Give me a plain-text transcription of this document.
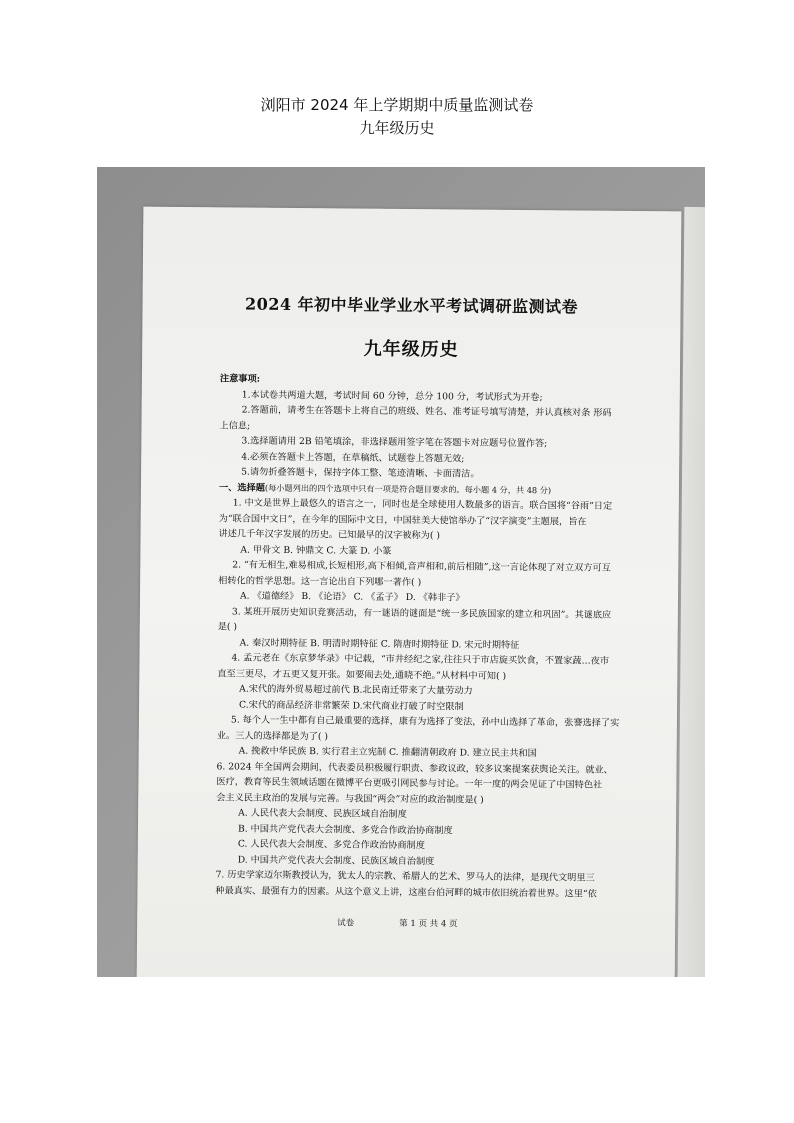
浏阳市 2024 年上学期期中质量监测试卷
九年级历史
2024 年初中毕业学业水平考试调研监测试卷
九年级历史
注意事项:
1.本试卷共两道大题，考试时间 60 分钟，总分 100 分，考试形式为开卷;
2.答题前，请考生在答题卡上将自己的班级、姓名、准考证号填写清楚，并认真核对条 形码
上信息;
3.选择题请用 2B 铅笔填涂，非选择题用签字笔在答题卡对应题号位置作答;
4.必须在答题卡上答题，在草稿纸、试题卷上答题无效;
5.请勿折叠答题卡，保持字体工整、笔迹清晰、卡面清洁。
一、选择题(每小题列出的四个选项中只有一项是符合题目要求的。每小题 4 分，共 48 分)
1. 中文是世界上最悠久的语言之一，同时也是全球使用人数最多的语言。联合国将“谷雨”日定
为“联合国中文日”，在今年的国际中文日，中国驻美大使馆举办了“汉字演变”主题展，旨在
讲述几千年汉字发展的历史。已知最早的汉字被称为( )
A. 甲骨文 B. 钟鼎文 C. 大篆 D. 小篆
2. “有无相生,难易相成,长短相形,高下相倾,音声相和,前后相随”,这一言论体现了对立双方可互
相转化的哲学思想。这一言论出自下列哪一著作( )
A. 《道德经》 B. 《论语》 C. 《孟子》 D. 《韩非子》
3. 某班开展历史知识竞赛活动，有一谜语的谜面是“统一多民族国家的建立和巩固”。其谜底应
是( )
A. 秦汉时期特征 B. 明清时期特征 C. 隋唐时期特征 D. 宋元时期特征
4. 孟元老在《东京梦华录》中记载，“市井经纪之家,往往只于市店旋买饮食，不置家蔬…夜市
直至三更尽，才五更又复开张。如要闹去处,通晓不绝。”从材料中可知( )
A.宋代的海外贸易超过前代 B.北民南迁带来了大量劳动力
C.宋代的商品经济非常繁荣 D.宋代商业打破了时空限制
5. 每个人一生中都有自己最重要的选择，康有为选择了变法，孙中山选择了革命，张謇选择了实
业。三人的选择都是为了( )
A. 挽救中华民族 B. 实行君主立宪制 C. 推翻清朝政府 D. 建立民主共和国
6. 2024 年全国两会期间，代表委员积极履行职责、参政议政，较多议案提案获舆论关注。就业、
医疗，教育等民生领域话题在微博平台更吸引网民参与讨论。一年一度的两会见证了中国特色社
会主义民主政治的发展与完善。与我国“两会”对应的政治制度是( )
A. 人民代表大会制度、民族区域自治制度
B. 中国共产党代表大会制度、多党合作政治协商制度
C. 人民代表大会制度、多党合作政治协商制度
D. 中国共产党代表大会制度、民族区域自治制度
7. 历史学家迈尔斯教授认为，犹太人的宗教、希腊人的艺术、罗马人的法律，是现代文明里三
种最真实、最强有力的因素。从这个意义上讲，这座台伯河畔的城市依旧统治着世界。这里“依
试卷	第 1 页 共 4 页
